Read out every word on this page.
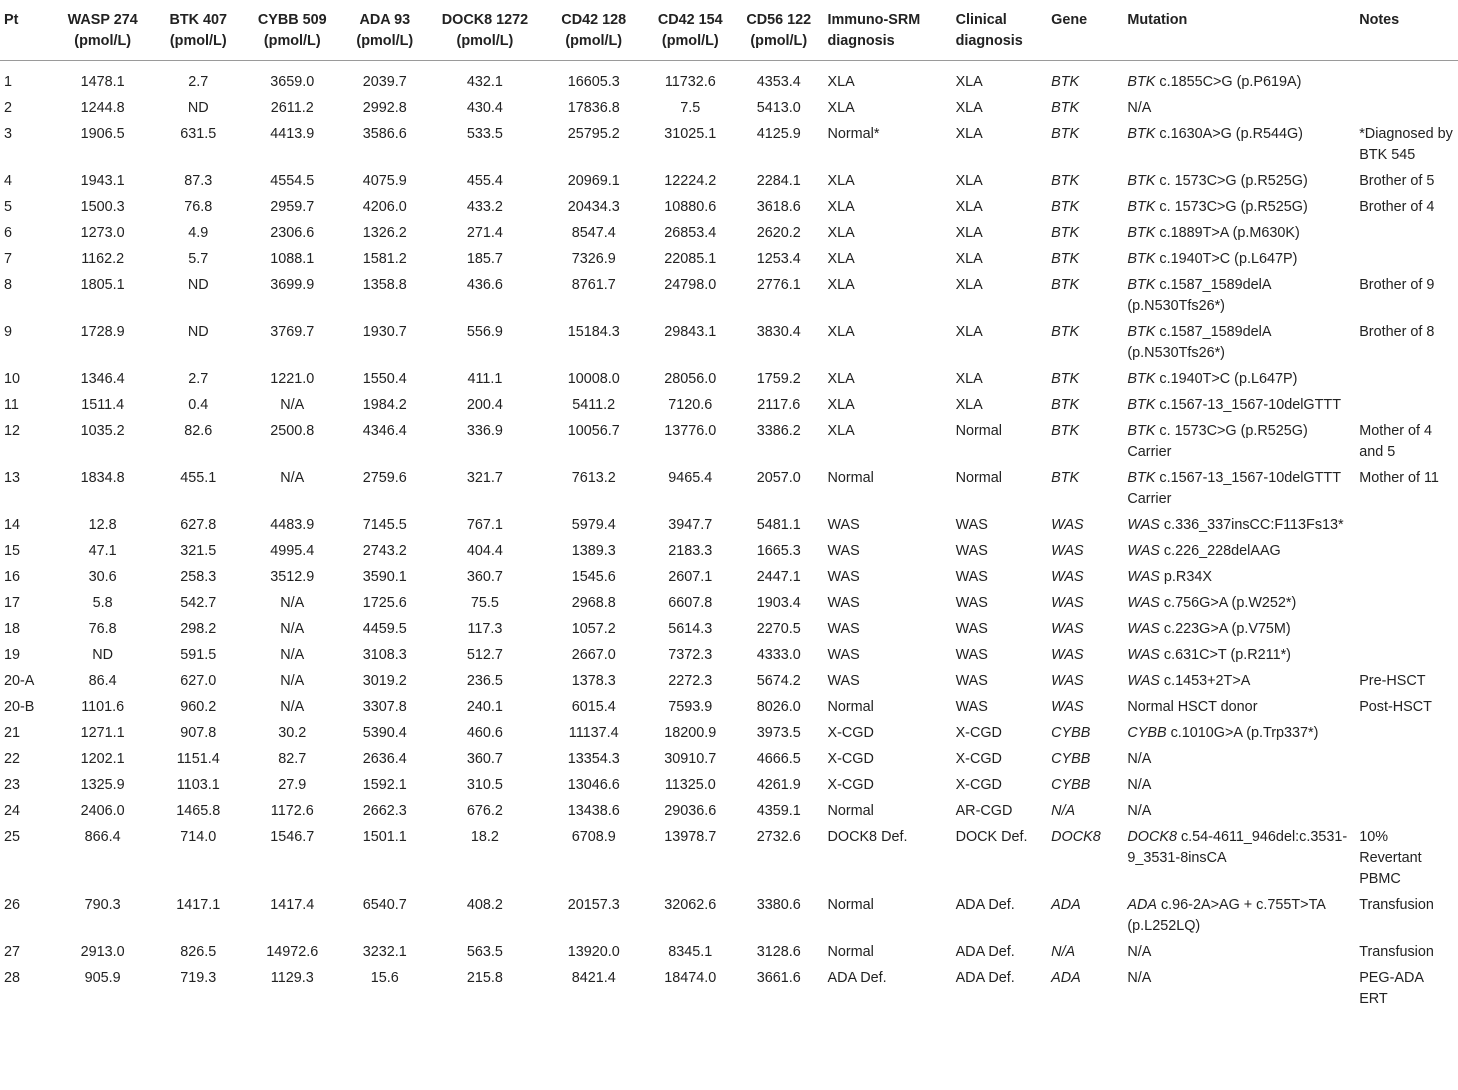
Pt	WASP 274 (pmol/L)	BTK 407 (pmol/L)	CYBB 509 (pmol/L)	ADA 93 (pmol/L)	DOCK8 1272 (pmol/L)	CD42 128 (pmol/L)	CD42 154 (pmol/L)	CD56 122 (pmol/L)	Immuno-SRM diagnosis	Clinical diagnosis	Gene	Mutation	Notes
1	1478.1	2.7	3659.0	2039.7	432.1	16605.3	11732.6	4353.4	XLA	XLA	BTK	BTK c.1855C>G (p.P619A)	
2	1244.8	ND	2611.2	2992.8	430.4	17836.8	7.5	5413.0	XLA	XLA	BTK	N/A	
3	1906.5	631.5	4413.9	3586.6	533.5	25795.2	31025.1	4125.9	Normal*	XLA	BTK	BTK c.1630A>G (p.R544G)	*Diagnosed by BTK 545
4	1943.1	87.3	4554.5	4075.9	455.4	20969.1	12224.2	2284.1	XLA	XLA	BTK	BTK c. 1573C>G (p.R525G)	Brother of 5
5	1500.3	76.8	2959.7	4206.0	433.2	20434.3	10880.6	3618.6	XLA	XLA	BTK	BTK c. 1573C>G (p.R525G)	Brother of 4
6	1273.0	4.9	2306.6	1326.2	271.4	8547.4	26853.4	2620.2	XLA	XLA	BTK	BTK c.1889T>A (p.M630K)	
7	1162.2	5.7	1088.1	1581.2	185.7	7326.9	22085.1	1253.4	XLA	XLA	BTK	BTK c.1940T>C (p.L647P)	
8	1805.1	ND	3699.9	1358.8	436.6	8761.7	24798.0	2776.1	XLA	XLA	BTK	BTK c.1587_1589delA (p.N530Tfs26*)	Brother of 9
9	1728.9	ND	3769.7	1930.7	556.9	15184.3	29843.1	3830.4	XLA	XLA	BTK	BTK c.1587_1589delA (p.N530Tfs26*)	Brother of 8
10	1346.4	2.7	1221.0	1550.4	411.1	10008.0	28056.0	1759.2	XLA	XLA	BTK	BTK c.1940T>C (p.L647P)	
11	1511.4	0.4	N/A	1984.2	200.4	5411.2	7120.6	2117.6	XLA	XLA	BTK	BTK c.1567-13_1567-10delGTTT	
12	1035.2	82.6	2500.8	4346.4	336.9	10056.7	13776.0	3386.2	XLA	Normal	BTK	BTK c. 1573C>G (p.R525G) Carrier	Mother of 4 and 5
13	1834.8	455.1	N/A	2759.6	321.7	7613.2	9465.4	2057.0	Normal	Normal	BTK	BTK c.1567-13_1567-10delGTTT Carrier	Mother of 11
14	12.8	627.8	4483.9	7145.5	767.1	5979.4	3947.7	5481.1	WAS	WAS	WAS	WAS c.336_337insCC:F113Fs13*	
15	47.1	321.5	4995.4	2743.2	404.4	1389.3	2183.3	1665.3	WAS	WAS	WAS	WAS c.226_228delAAG	
16	30.6	258.3	3512.9	3590.1	360.7	1545.6	2607.1	2447.1	WAS	WAS	WAS	WAS p.R34X	
17	5.8	542.7	N/A	1725.6	75.5	2968.8	6607.8	1903.4	WAS	WAS	WAS	WAS c.756G>A (p.W252*)	
18	76.8	298.2	N/A	4459.5	117.3	1057.2	5614.3	2270.5	WAS	WAS	WAS	WAS c.223G>A (p.V75M)	
19	ND	591.5	N/A	3108.3	512.7	2667.0	7372.3	4333.0	WAS	WAS	WAS	WAS c.631C>T (p.R211*)	
20-A	86.4	627.0	N/A	3019.2	236.5	1378.3	2272.3	5674.2	WAS	WAS	WAS	WAS c.1453+2T>A	Pre-HSCT
20-B	1101.6	960.2	N/A	3307.8	240.1	6015.4	7593.9	8026.0	Normal	WAS	WAS	Normal HSCT donor	Post-HSCT
21	1271.1	907.8	30.2	5390.4	460.6	11137.4	18200.9	3973.5	X-CGD	X-CGD	CYBB	CYBB c.1010G>A (p.Trp337*)	
22	1202.1	1151.4	82.7	2636.4	360.7	13354.3	30910.7	4666.5	X-CGD	X-CGD	CYBB	N/A	
23	1325.9	1103.1	27.9	1592.1	310.5	13046.6	11325.0	4261.9	X-CGD	X-CGD	CYBB	N/A	
24	2406.0	1465.8	1172.6	2662.3	676.2	13438.6	29036.6	4359.1	Normal	AR-CGD	N/A	N/A	
25	866.4	714.0	1546.7	1501.1	18.2	6708.9	13978.7	2732.6	DOCK8 Def.	DOCK Def.	DOCK8	DOCK8 c.54-4611_946del:c.3531-9_3531-8insCA	10% Revertant PBMC
26	790.3	1417.1	1417.4	6540.7	408.2	20157.3	32062.6	3380.6	Normal	ADA Def.	ADA	ADA c.96-2A>AG + c.755T>TA (p.L252LQ)	Transfusion
27	2913.0	826.5	14972.6	3232.1	563.5	13920.0	8345.1	3128.6	Normal	ADA Def.	N/A	N/A	Transfusion
28	905.9	719.3	1129.3	15.6	215.8	8421.4	18474.0	3661.6	ADA Def.	ADA Def.	ADA	N/A	PEG-ADA ERT
